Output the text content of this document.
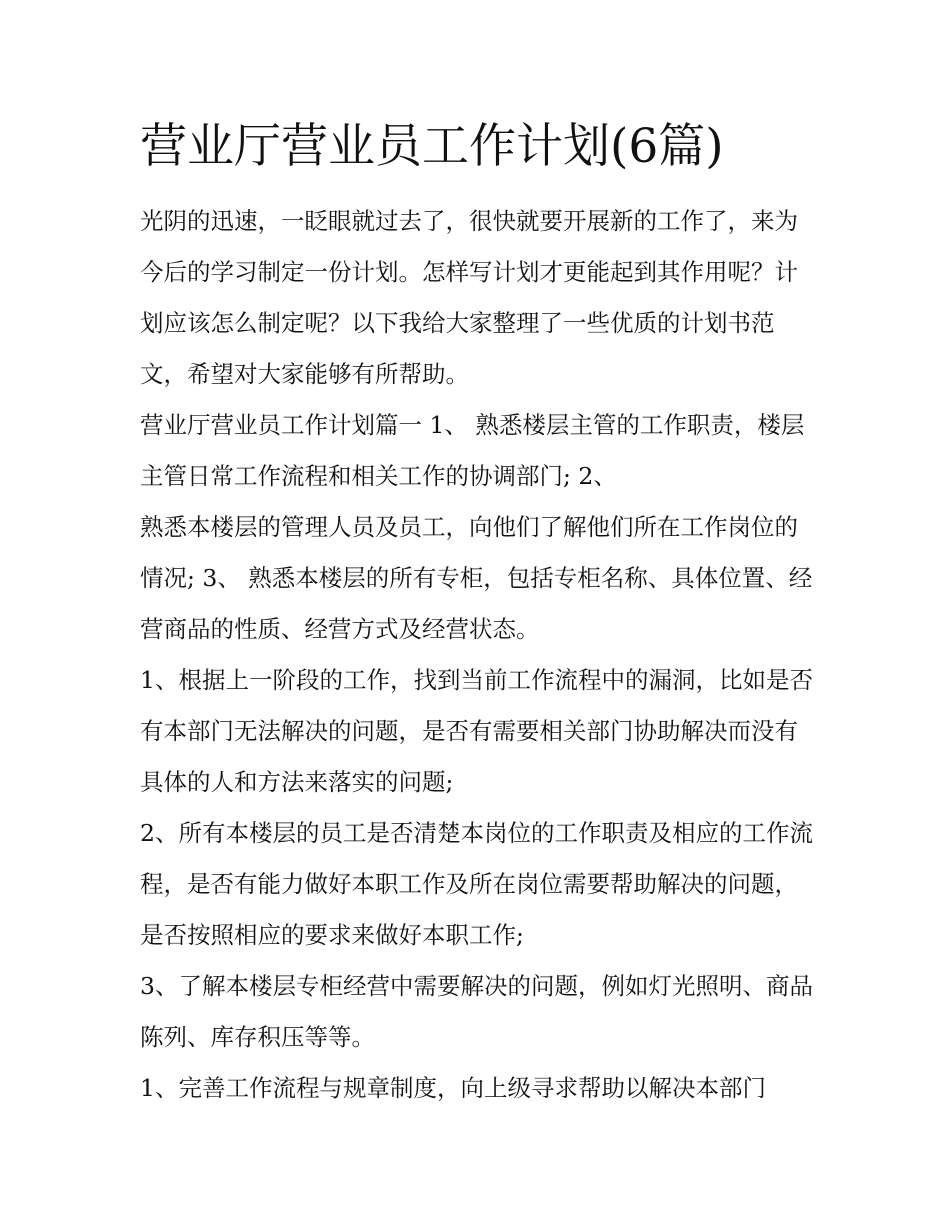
营业厅营业员工作计划(6篇)

光阴的迅速，一眨眼就过去了，很快就要开展新的工作了，来为今后的学习制定一份计划。怎样写计划才更能起到其作用呢？计划应该怎么制定呢？以下我给大家整理了一些优质的计划书范文，希望对大家能够有所帮助。

营业厅营业员工作计划篇一 1、 熟悉楼层主管的工作职责，楼层主管日常工作流程和相关工作的协调部门; 2、

熟悉本楼层的管理人员及员工，向他们了解他们所在工作岗位的情况; 3、 熟悉本楼层的所有专柜，包括专柜名称、具体位置、经营商品的性质、经营方式及经营状态。

1、根据上一阶段的工作，找到当前工作流程中的漏洞，比如是否有本部门无法解决的问题，是否有需要相关部门协助解决而没有具体的人和方法来落实的问题;

2、所有本楼层的员工是否清楚本岗位的工作职责及相应的工作流程，是否有能力做好本职工作及所在岗位需要帮助解决的问题，是否按照相应的要求来做好本职工作;

3、了解本楼层专柜经营中需要解决的问题，例如灯光照明、商品陈列、库存积压等等。

1、完善工作流程与规章制度，向上级寻求帮助以解决本部门
